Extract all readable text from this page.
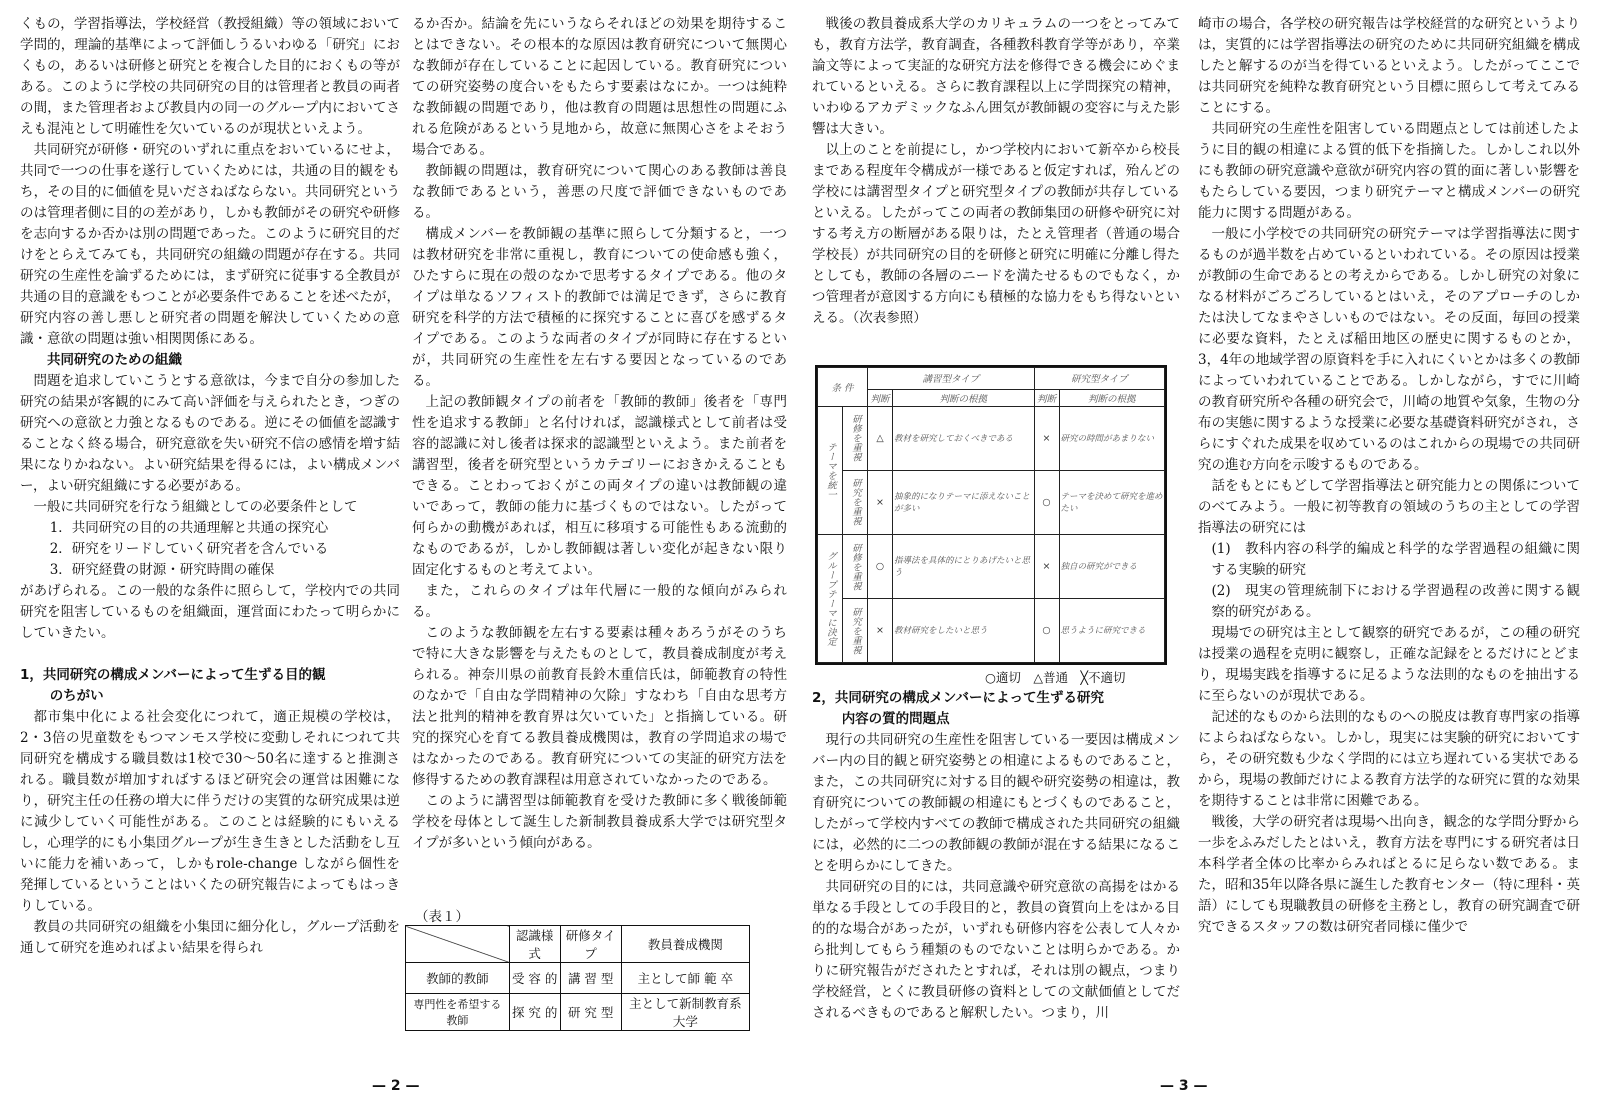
くもの，学習指導法，学校経営（教授組織）等の領域において学問的，理論的基準によって評価しうるいわゆる「研究」におくもの，あるいは研修と研究とを複合した目的におくもの等がある。このように学校の共同研究の目的は管理者と教員の両者の間，また管理者および教員内の同一のグループ内においてさえも混沌として明確性を欠いているのが現状といえよう。

共同研究が研修・研究のいずれに重点をおいているにせよ，共同で一つの仕事を遂行していくためには，共通の目的観をもち，その目的に価値を見いださねばならない。共同研究というのは管理者側に目的の差があり，しかも教師がその研究や研修を志向するか否かは別の問題であった。このように研究目的だけをとらえてみても，共同研究の組織の問題が存在する。共同研究の生産性を論ずるためには，まず研究に従事する全教員が共通の目的意識をもつことが必要条件であることを述べたが，研究内容の善し悪しと研究者の問題を解決していくための意識・意欲の問題は強い相関関係にある。

共同研究のための組織

問題を追求していこうとする意欲は，今まで自分の参加した研究の結果が客観的にみて高い評価を与えられたとき，つぎの研究への意欲と力強となるものである。逆にその価値を認識することなく終る場合，研究意欲を失い研究不信の感情を増す結果になりかねない。よい研究結果を得るには，よい構成メンバー，よい研究組織にする必要がある。

一般に共同研究を行なう組織としての必要条件として

1．共同研究の目的の共通理解と共通の探究心
2．研究をリードしていく研究者を含んでいる
3．研究経費の財源・研究時間の確保

があげられる。この一般的な条件に照らして，学校内での共同研究を阻害しているものを組織面，運営面にわたって明らかにしていきたい。

1，共同研究の構成メンバーによって生ずる目的観

のちがい

都市集中化による社会変化につれて，適正規模の学校は，2・3倍の児童数をもつマンモス学校に変動しそれにつれて共同研究を構成する職員数は1校で30〜50名に達すると推測される。職員数が増加すればするほど研究会の運営は困難になり，研究主任の任務の増大に伴うだけの実質的な研究成果は逆に減少していく可能性がある。このことは経験的にもいえるし，心理学的にも小集団グループが生き生きとした活動をし互いに能力を補いあって，しかもrole-change しながら個性を発揮しているということはいくたの研究報告によってもはっきりしている。

教員の共同研究の組織を小集団に細分化し，グループ活動を通して研究を進めればよい結果を得られ

るか否か。結論を先にいうならそれほどの効果を期待することはできない。その根本的な原因は教育研究について無関心な教師が存在していることに起因している。教育研究についての研究姿勢の度合いをもたらす要素はなにか。一つは純粋な教師観の問題であり，他は教育の問題は思想性の問題にふれる危険があるという見地から，故意に無関心さをよそおう場合である。

教師観の問題は，教育研究について関心のある教師は善良な教師であるという，善悪の尺度で評価できないものである。

構成メンバーを教師観の基準に照らして分類すると，一つは教材研究を非常に重視し，教育についての使命感も強く，ひたすらに現在の殻のなかで思考するタイプである。他のタイプは単なるソフィスト的教師では満足できず，さらに教育研究を科学的方法で積極的に探究することに喜びを感ずるタイプである。このような両者のタイプが同時に存在するといが，共同研究の生産性を左右する要因となっているのである。

上記の教師観タイプの前者を「教師的教師」後者を「専門性を追求する教師」と名付ければ，認識様式として前者は受容的認識に対し後者は探求的認識型といえよう。また前者を講習型，後者を研究型というカテゴリーにおきかえることもできる。ことわっておくがこの両タイプの違いは教師観の違いであって，教師の能力に基づくものではない。したがって何らかの動機があれば，相互に移項する可能性もある流動的なものであるが，しかし教師観は著しい変化が起きない限り固定化するものと考えてよい。

また，これらのタイプは年代層に一般的な傾向がみられる。

このような教師観を左右する要素は種々あろうがそのうちで特に大きな影響を与えたものとして，教員養成制度が考えられる。神奈川県の前教育長鈴木重信氏は，師範教育の特性のなかで「自由な学問精神の欠除」すなわち「自由な思考方法と批判的精神を教育界は欠いていた」と指摘している。研究的探究心を育てる教員養成機関は，教育の学問追求の場ではなかったのである。教育研究についての実証的研究方法を修得するための教育課程は用意されていなかったのである。

このように講習型は師範教育を受けた教師に多く戦後師範学校を母体として誕生した新制教員養成系大学では研究型タイプが多いという傾向がある。

（表１）
	認識様式	研修タイプ	教員養成機関
教師的教師	受 容 的	講 習 型	主として師 範 卒
専門性を希望する教師	探 究 的	研 究 型	主として新制教育系大学
— 2 —

戦後の教員養成系大学のカリキュラムの一つをとってみても，教育方法学，教育調査，各種教科教育学等があり，卒業論文等によって実証的な研究方法を修得できる機会にめぐまれているといえる。さらに教育課程以上に学問探究の精神，いわゆるアカデミックなふん囲気が教師観の変容に与えた影響は大きい。

以上のことを前提にし，かつ学校内において新卒から校長まである程度年令構成が一様であると仮定すれば，殆んどの学校には講習型タイプと研究型タイプの教師が共存しているといえる。したがってこの両者の教師集団の研修や研究に対する考え方の断層がある限りは，たとえ管理者（普通の場合学校長）が共同研究の目的を研修と研究に明確に分離し得たとしても，教師の各層のニードを満たせるものでもなく，かつ管理者が意図する方向にも積極的な協力をもち得ないといえる。（次表参照）

条 件		講習型タイプ		研究型タイプ	
		判断	判断の根拠	判断	判断の根拠
テーマを統一	研修を重視	△	教材を研究しておくべきである	×	研究の時間があまりない
	研究を重視	×	抽象的になりテーマに添えないことが多い	○	テーマを決めて研究を進めたい
グループテーマに決定	研修を重視	○	指導法を具体的にとりあげたいと思う	×	独自の研究ができる
	研究を重視	×	教材研究をしたいと思う	○	思うように研究できる
○適切　△普通　╳不適切

2，共同研究の構成メンバーによって生ずる研究

内容の質的問題点

現行の共同研究の生産性を阻害している一要因は構成メンバー内の目的観と研究姿勢との相違によるものであること，また，この共同研究に対する目的観や研究姿勢の相違は，教育研究についての教師観の相違にもとづくものであること，したがって学校内すべての教師で構成された共同研究の組織には，必然的に二つの教師観の教師が混在する結果になることを明らかにしてきた。

共同研究の目的には，共同意識や研究意欲の高揚をはかる単なる手段としての手段目的と，教員の資質向上をはかる目的的な場合があったが，いずれも研修内容を公表して人々から批判してもらう種類のものでないことは明らかである。かりに研究報告がだされたとすれば，それは別の観点，つまり学校経営，とくに教員研修の資料としての文献価値としてだされるべきものであると解釈したい。つまり，川

崎市の場合，各学校の研究報告は学校経営的な研究というよりは，実質的には学習指導法の研究のために共同研究組織を構成したと解するのが当を得ているといえよう。したがってここでは共同研究を純粋な教育研究という目標に照らして考えてみることにする。

共同研究の生産性を阻害している問題点としては前述したように目的観の相違による質的低下を指摘した。しかしこれ以外にも教師の研究意識や意欲が研究内容の質的面に著しい影響をもたらしている要因，つまり研究テーマと構成メンバーの研究能力に関する問題がある。

一般に小学校での共同研究の研究テーマは学習指導法に関するものが過半数を占めているといわれている。その原因は授業が教師の生命であるとの考えからである。しかし研究の対象になる材料がごろごろしているとはいえ，そのアプローチのしかたは決してなまやさしいものではない。その反面，毎回の授業に必要な資料，たとえば稲田地区の歴史に関するものとか，3，4年の地域学習の原資料を手に入れにくいとかは多くの教師によっていわれていることである。しかしながら，すでに川崎の教育研究所や各種の研究会で，川崎の地質や気象，生物の分布の実態に関するような授業に必要な基礎資料研究がされ，さらにすぐれた成果を収めているのはこれからの現場での共同研究の進む方向を示唆するものである。

話をもとにもどして学習指導法と研究能力との関係についてのべてみよう。一般に初等教育の領域のうちの主としての学習指導法の研究には

(1)　教科内容の科学的編成と科学的な学習過程の組織に関する実験的研究

(2)　現実の管理統制下における学習過程の改善に関する観察的研究がある。

現場での研究は主として観察的研究であるが，この種の研究は授業の過程を克明に観察し，正確な記録をとるだけにとどまり，現場実践を指導するに足るような法則的なものを抽出するに至らないのが現状である。

記述的なものから法則的なものへの脱皮は教育専門家の指導によらねばならない。しかし，現実には実験的研究においてすら，その研究数も少なく学問的には立ち遅れている実状であるから，現場の教師だけによる教育方法学的な研究に質的な効果を期待することは非常に困難である。

戦後，大学の研究者は現場へ出向き，観念的な学問分野から一歩をふみだしたとはいえ，教育方法を専門にする研究者は日本科学者全体の比率からみればとるに足らない数である。また，昭和35年以降各県に誕生した教育センター（特に理科・英語）にしても現職教員の研修を主務とし，教育の研究調査で研究できるスタッフの数は研究者同様に僅少で

— 3 —
